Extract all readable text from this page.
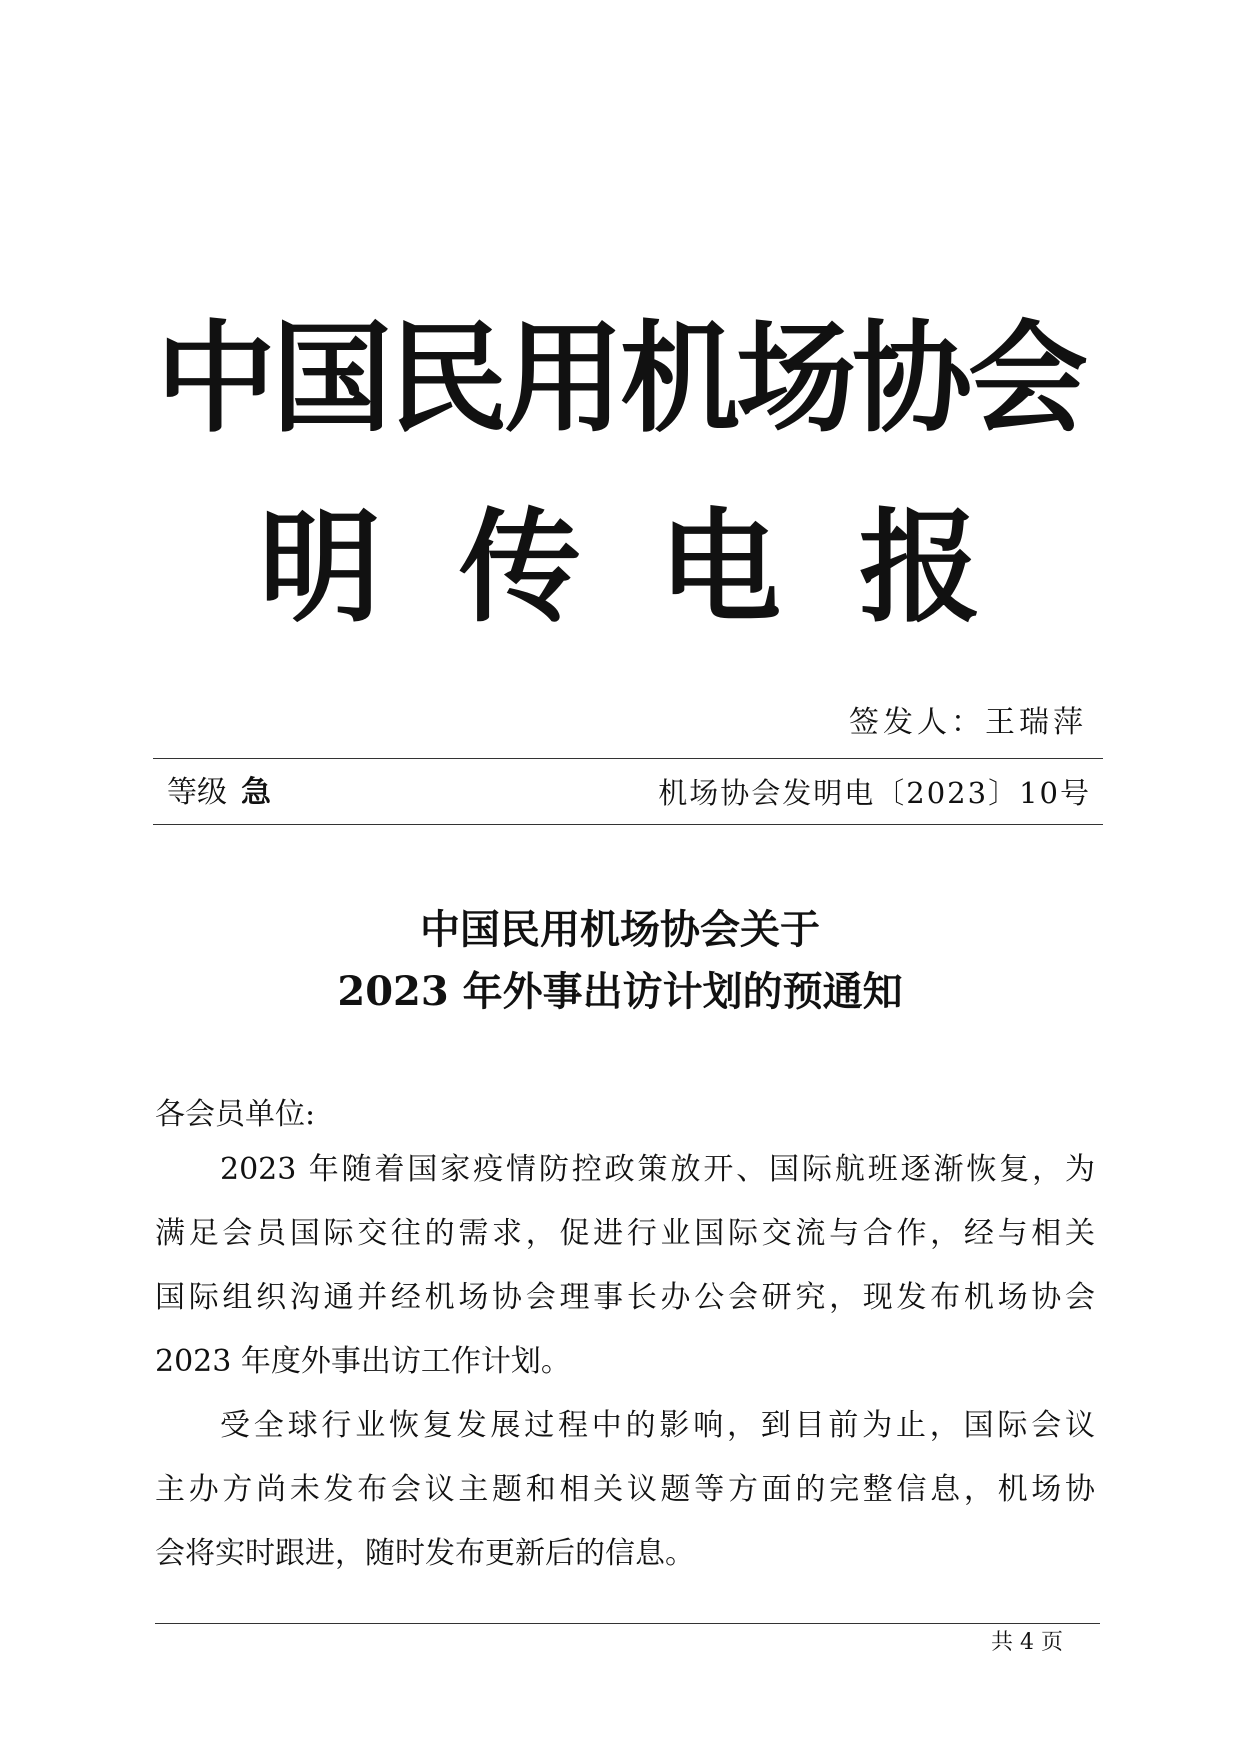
中国民用机场协会
明传电报
签发人：王瑞萍
等级 急	机场协会发明电〔2023〕10号
中国民用机场协会关于
2023 年外事出访计划的预通知
各会员单位:
2023 年随着国家疫情防控政策放开、国际航班逐渐恢复，为
满足会员国际交往的需求，促进行业国际交流与合作，经与相关
国际组织沟通并经机场协会理事长办公会研究，现发布机场协会
2023 年度外事出访工作计划。
受全球行业恢复发展过程中的影响，到目前为止，国际会议
主办方尚未发布会议主题和相关议题等方面的完整信息，机场协
会将实时跟进，随时发布更新后的信息。
共 4 页
